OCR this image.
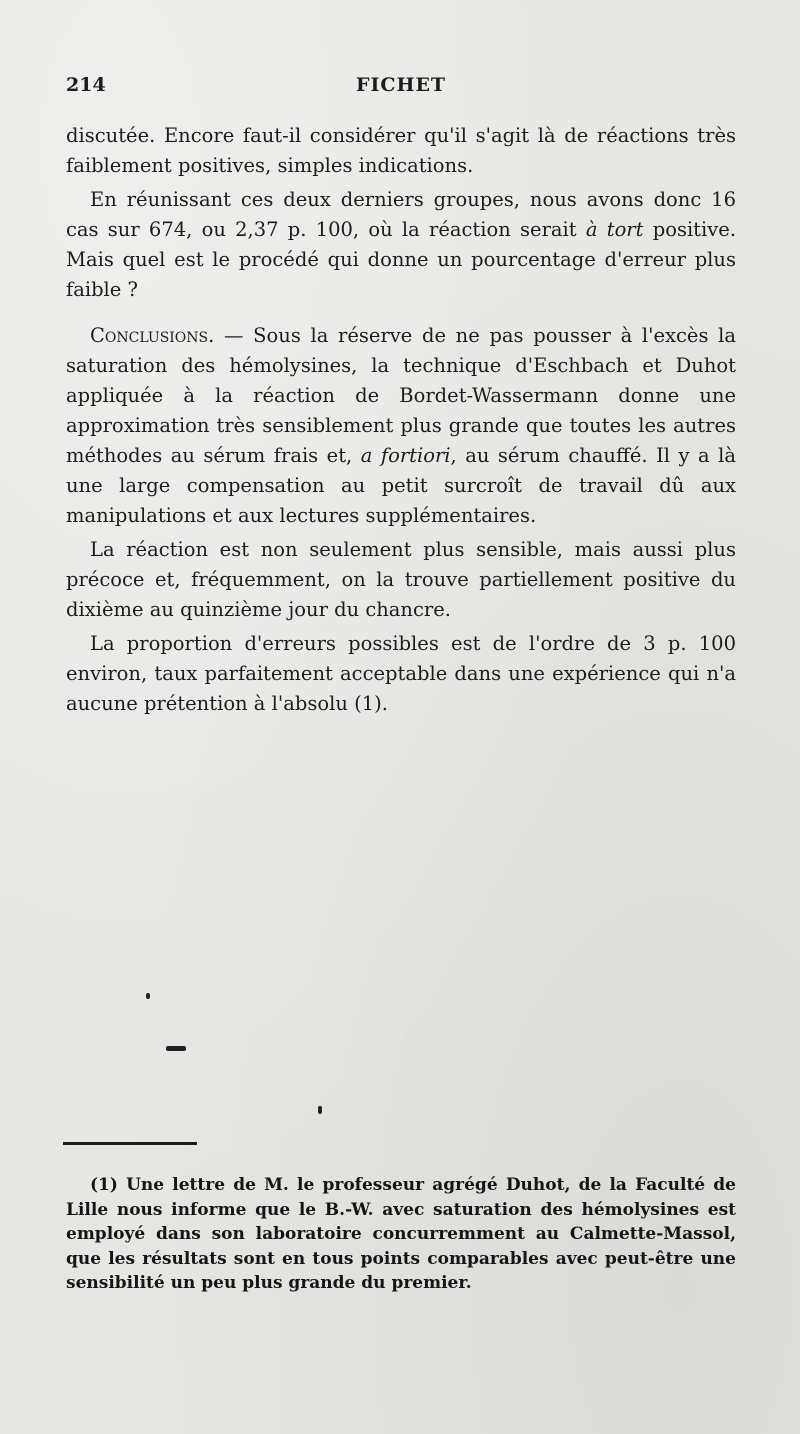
214	FICHET

discutée. Encore faut-il considérer qu'il s'agit là de réactions très faiblement positives, simples indications.

En réunissant ces deux derniers groupes, nous avons donc 16 cas sur 674, ou 2,37 p. 100, où la réaction serait à tort positive. Mais quel est le procédé qui donne un pourcentage d'erreur plus faible ?

Conclusions. — Sous la réserve de ne pas pousser à l'excès la saturation des hémolysines, la technique d'Eschbach et Duhot appliquée à la réaction de Bordet-Wassermann donne une approximation très sensiblement plus grande que toutes les autres méthodes au sérum frais et, a fortiori, au sérum chauffé. Il y a là une large compensation au petit surcroît de travail dû aux manipulations et aux lectures supplémentaires.

La réaction est non seulement plus sensible, mais aussi plus précoce et, fréquemment, on la trouve partiellement positive du dixième au quinzième jour du chancre.

La proportion d'erreurs possibles est de l'ordre de 3 p. 100 environ, taux parfaitement acceptable dans une expérience qui n'a aucune prétention à l'absolu (1).

(1) Une lettre de M. le professeur agrégé Duhot, de la Faculté de Lille nous informe que le B.-W. avec saturation des hémolysines est employé dans son laboratoire concurremment au Calmette-Massol, que les résultats sont en tous points comparables avec peut-être une sensibilité un peu plus grande du premier.
